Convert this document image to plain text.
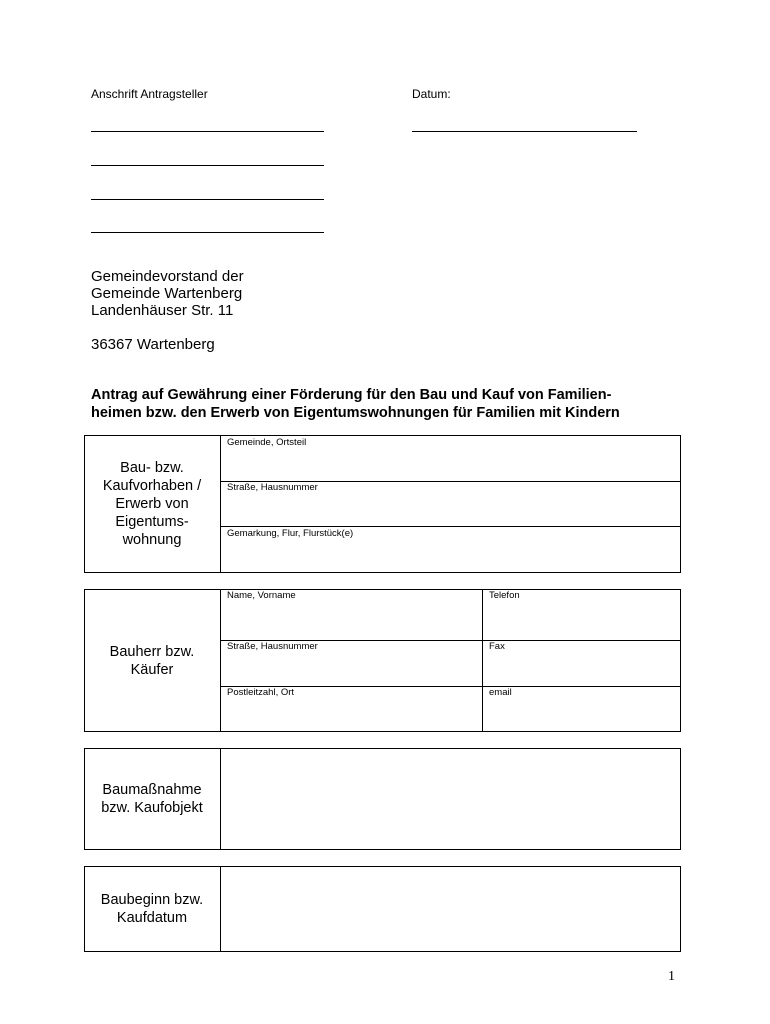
Anschrift Antragsteller	Datum:
Gemeindevorstand der
Gemeinde Wartenberg
Landenhäuser Str. 11
36367 Wartenberg
Antrag auf Gewährung einer Förderung für den Bau und Kauf von Familien-
heimen bzw. den Erwerb von Eigentumswohnungen für Familien mit Kindern
Bau- bzw.
Kaufvorhaben /
Erwerb von
Eigentums-
wohnung
Gemeinde, Ortsteil
Straße, Hausnummer
Gemarkung, Flur, Flurstück(e)
Bauherr bzw.
Käufer
Name, Vorname
Straße, Hausnummer
Postleitzahl, Ort
Telefon
Fax
email
Baumaßnahme
bzw. Kaufobjekt
Baubeginn bzw.
Kaufdatum
1
